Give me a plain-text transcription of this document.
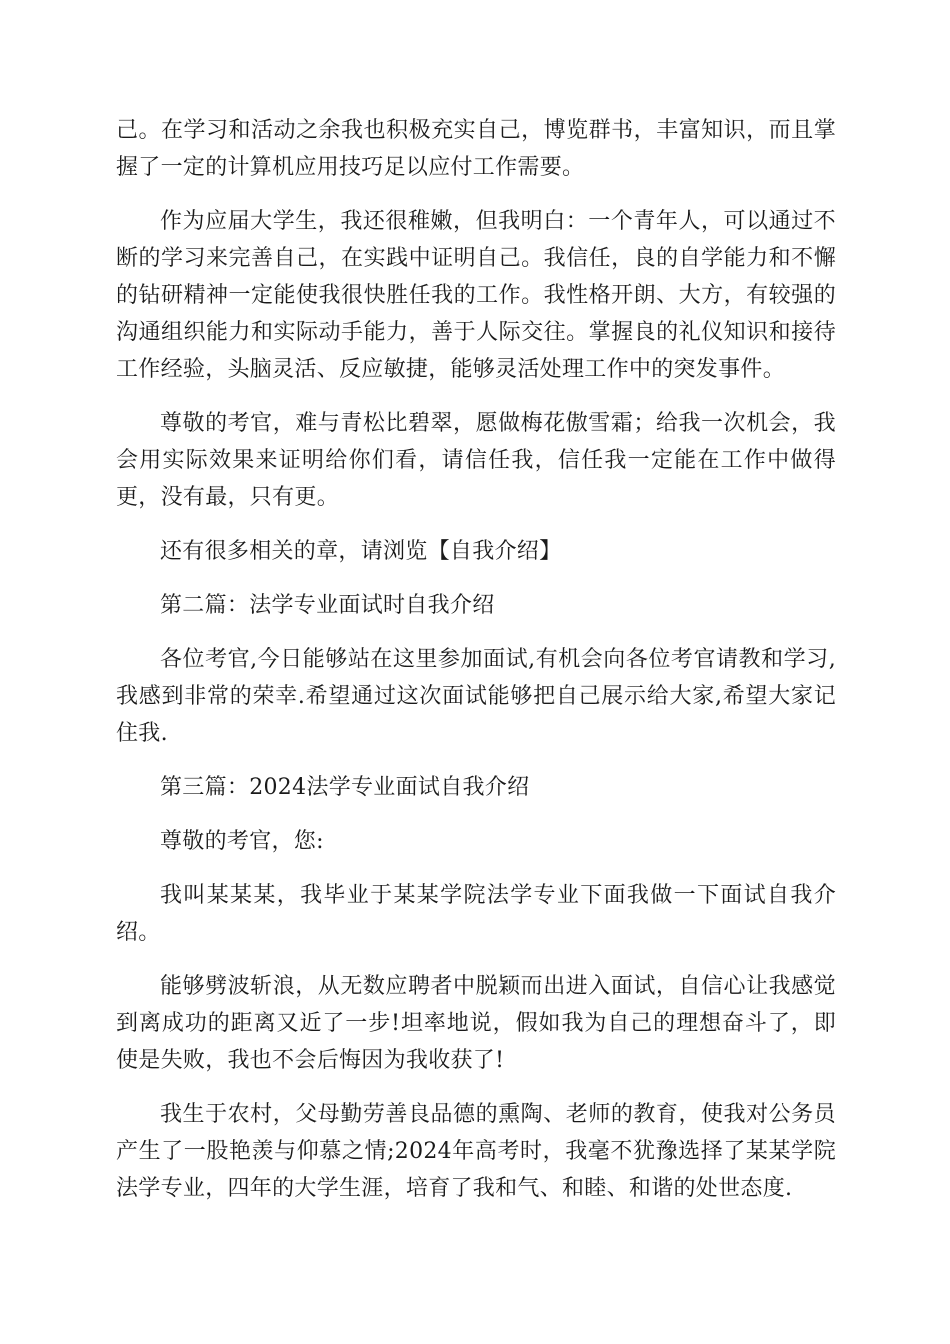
己。在学习和活动之余我也积极充实自己，博览群书，丰富知识，而且掌握了一定的计算机应用技巧足以应付工作需要。

作为应届大学生，我还很稚嫩，但我明白：一个青年人，可以通过不断的学习来完善自己，在实践中证明自己。我信任，良的自学能力和不懈的钻研精神一定能使我很快胜任我的工作。我性格开朗、大方，有较强的沟通组织能力和实际动手能力，善于人际交往。掌握良的礼仪知识和接待工作经验，头脑灵活、反应敏捷，能够灵活处理工作中的突发事件。

尊敬的考官，难与青松比碧翠，愿做梅花傲雪霜；给我一次机会，我会用实际效果来证明给你们看，请信任我，信任我一定能在工作中做得更，没有最，只有更。

还有很多相关的章，请浏览【自我介绍】

第二篇：法学专业面试时自我介绍

各位考官,今日能够站在这里参加面试,有机会向各位考官请教和学习,我感到非常的荣幸.希望通过这次面试能够把自己展示给大家,希望大家记住我.

第三篇：2024法学专业面试自我介绍

尊敬的考官，您:

我叫某某某，我毕业于某某学院法学专业下面我做一下面试自我介绍。

能够劈波斩浪，从无数应聘者中脱颖而出进入面试，自信心让我感觉到离成功的距离又近了一步!坦率地说，假如我为自己的理想奋斗了，即使是失败，我也不会后悔因为我收获了!

我生于农村，父母勤劳善良品德的熏陶、老师的教育，使我对公务员产生了一股艳羡与仰慕之情;2024年高考时，我毫不犹豫选择了某某学院法学专业，四年的大学生涯，培育了我和气、和睦、和谐的处世态度.
